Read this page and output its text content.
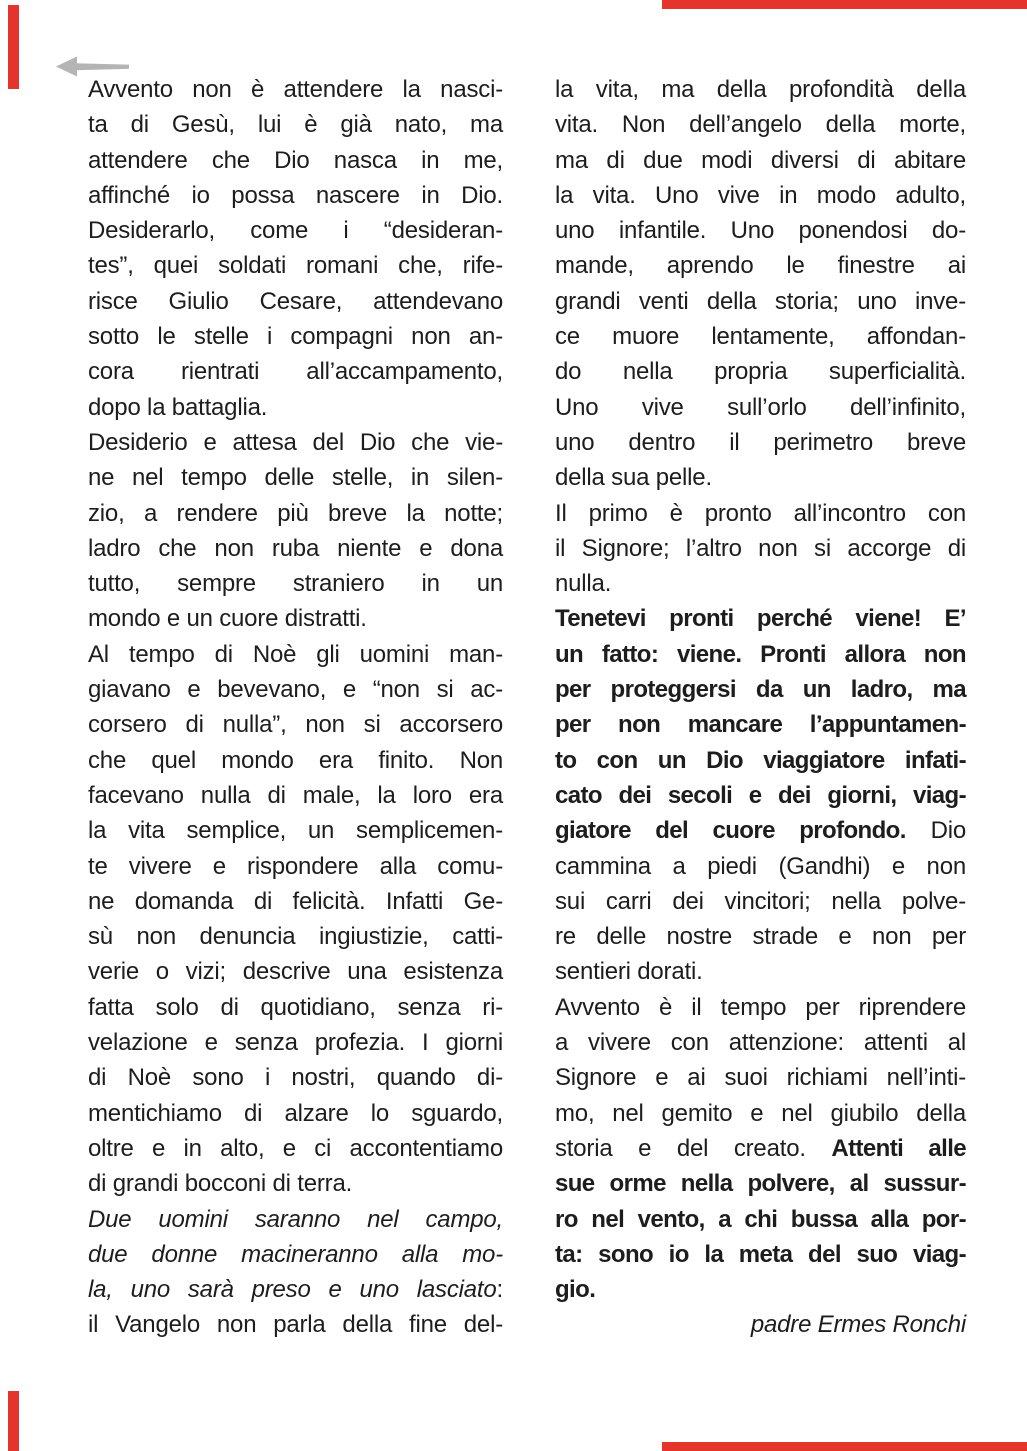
Avvento non è attendere la nasci-
ta di Gesù, lui è già nato, ma
attendere che Dio nasca in me,
affinché io possa nascere in Dio.
Desiderarlo, come i “desideran-
tes”, quei soldati romani che, rife-
risce Giulio Cesare, attendevano
sotto le stelle i compagni non an-
cora rientrati all’accampamento,
dopo la battaglia.
Desiderio e attesa del Dio che vie-
ne nel tempo delle stelle, in silen-
zio, a rendere più breve la notte;
ladro che non ruba niente e dona
tutto, sempre straniero in un
mondo e un cuore distratti.
Al tempo di Noè gli uomini man-
giavano e bevevano, e “non si ac-
corsero di nulla”, non si accorsero
che quel mondo era finito. Non
facevano nulla di male, la loro era
la vita semplice, un semplicemen-
te vivere e rispondere alla comu-
ne domanda di felicità. Infatti Ge-
sù non denuncia ingiustizie, catti-
verie o vizi; descrive una esistenza
fatta solo di quotidiano, senza ri-
velazione e senza profezia. I giorni
di Noè sono i nostri, quando di-
mentichiamo di alzare lo sguardo,
oltre e in alto, e ci accontentiamo
di grandi bocconi di terra.
Due uomini saranno nel campo,
due donne macineranno alla mo-
la, uno sarà preso e uno lasciato:
il Vangelo non parla della fine del-
la vita, ma della profondità della
vita. Non dell’angelo della morte,
ma di due modi diversi di abitare
la vita. Uno vive in modo adulto,
uno infantile. Uno ponendosi do-
mande, aprendo le finestre ai
grandi venti della storia; uno inve-
ce muore lentamente, affondan-
do nella propria superficialità.
Uno vive sull’orlo dell’infinito,
uno dentro il perimetro breve
della sua pelle.
Il primo è pronto all’incontro con
il Signore; l’altro non si accorge di
nulla.
Tenetevi pronti perché viene! E’
un fatto: viene. Pronti allora non
per proteggersi da un ladro, ma
per non mancare l’appuntamen-
to con un Dio viaggiatore infati-
cato dei secoli e dei giorni, viag-
giatore del cuore profondo. Dio
cammina a piedi (Gandhi) e non
sui carri dei vincitori; nella polve-
re delle nostre strade e non per
sentieri dorati.
Avvento è il tempo per riprendere
a vivere con attenzione: attenti al
Signore e ai suoi richiami nell’inti-
mo, nel gemito e nel giubilo della
storia e del creato. Attenti alle
sue orme nella polvere, al sussur-
ro nel vento, a chi bussa alla por-
ta: sono io la meta del suo viag-
gio.
padre Ermes Ronchi
